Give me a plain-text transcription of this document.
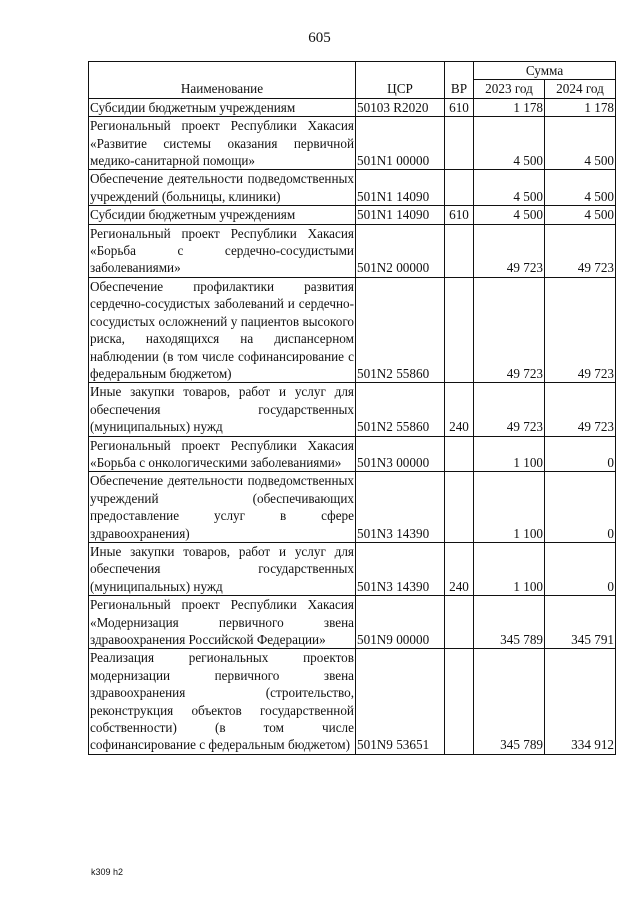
605
Наименование	ЦСР	ВР	Сумма	
			2023 год	2024 год
Субсидии бюджетным учреждениям	50103 R2020	610	1 178	1 178
Региональный проект Республики Хакасия «Развитие системы оказания первичной медико-санитарной помощи»	501N1 00000		4 500	4 500
Обеспечение деятельности подведомственных учреждений (больницы, клиники)	501N1 14090		4 500	4 500
Субсидии бюджетным учреждениям	501N1 14090	610	4 500	4 500
Региональный проект Республики Хакасия «Борьба с сердечно-сосудистыми заболеваниями»	501N2 00000		49 723	49 723
Обеспечение профилактики развития сердечно-сосудистых заболеваний и сердечно-сосудистых осложнений у пациентов высокого риска, находящихся на диспансерном наблюдении (в том числе софинансирование с федеральным бюджетом)	501N2 55860		49 723	49 723
Иные закупки товаров, работ и услуг для обеспечения государственных (муниципальных) нужд	501N2 55860	240	49 723	49 723
Региональный проект Республики Хакасия «Борьба с онкологическими заболеваниями»	501N3 00000		1 100	0
Обеспечение деятельности подведомственных учреждений (обеспечивающих предоставление услуг в сфере здравоохранения)	501N3 14390		1 100	0
Иные закупки товаров, работ и услуг для обеспечения государственных (муниципальных) нужд	501N3 14390	240	1 100	0
Региональный проект Республики Хакасия «Модернизация первичного звена здравоохранения Российской Федерации»	501N9 00000		345 789	345 791
Реализация региональных проектов модернизации первичного звена здравоохранения (строительство, реконструкция объектов государственной собственности) (в том числе софинансирование с федеральным бюджетом)	501N9 53651		345 789	334 912
k309 h2
